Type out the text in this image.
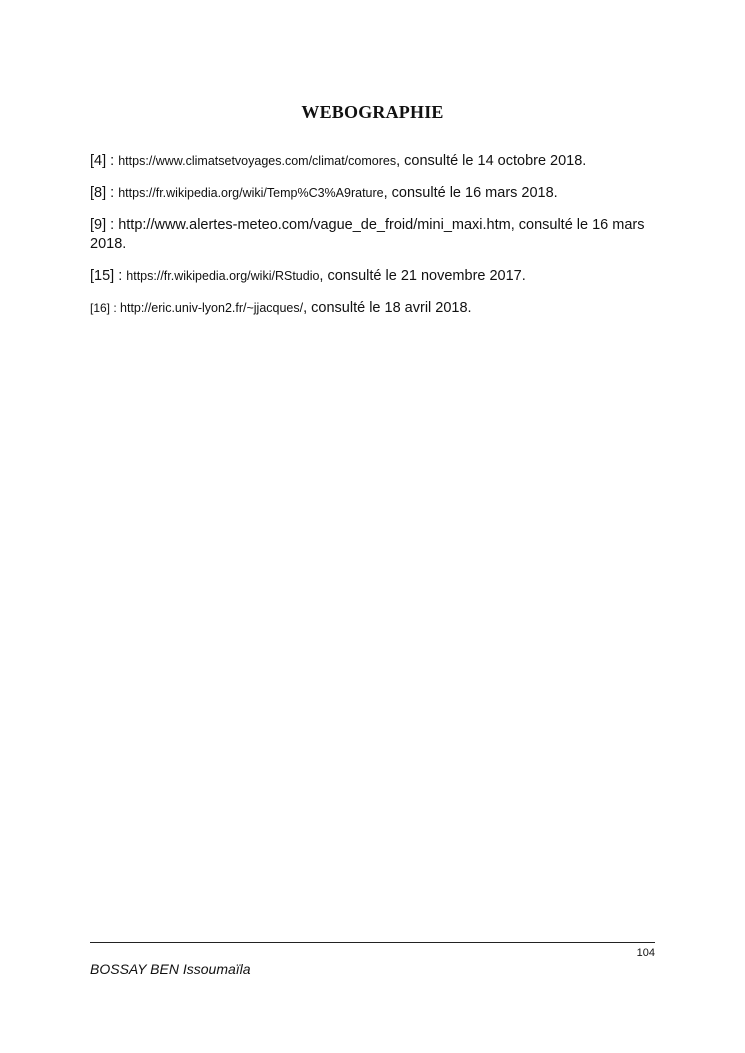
WEBOGRAPHIE

[4] : https://www.climatsetvoyages.com/climat/comores, consulté le 14 octobre 2018.

[8] : https://fr.wikipedia.org/wiki/Temp%C3%A9rature, consulté le 16 mars 2018.

[9] : http://www.alertes-meteo.com/vague_de_froid/mini_maxi.htm, consulté le 16 mars 2018.

[15] : https://fr.wikipedia.org/wiki/RStudio, consulté le 21 novembre 2017.

[16] : http://eric.univ-lyon2.fr/~jjacques/, consulté le 18 avril 2018.

104
BOSSAY BEN Issoumaïla
